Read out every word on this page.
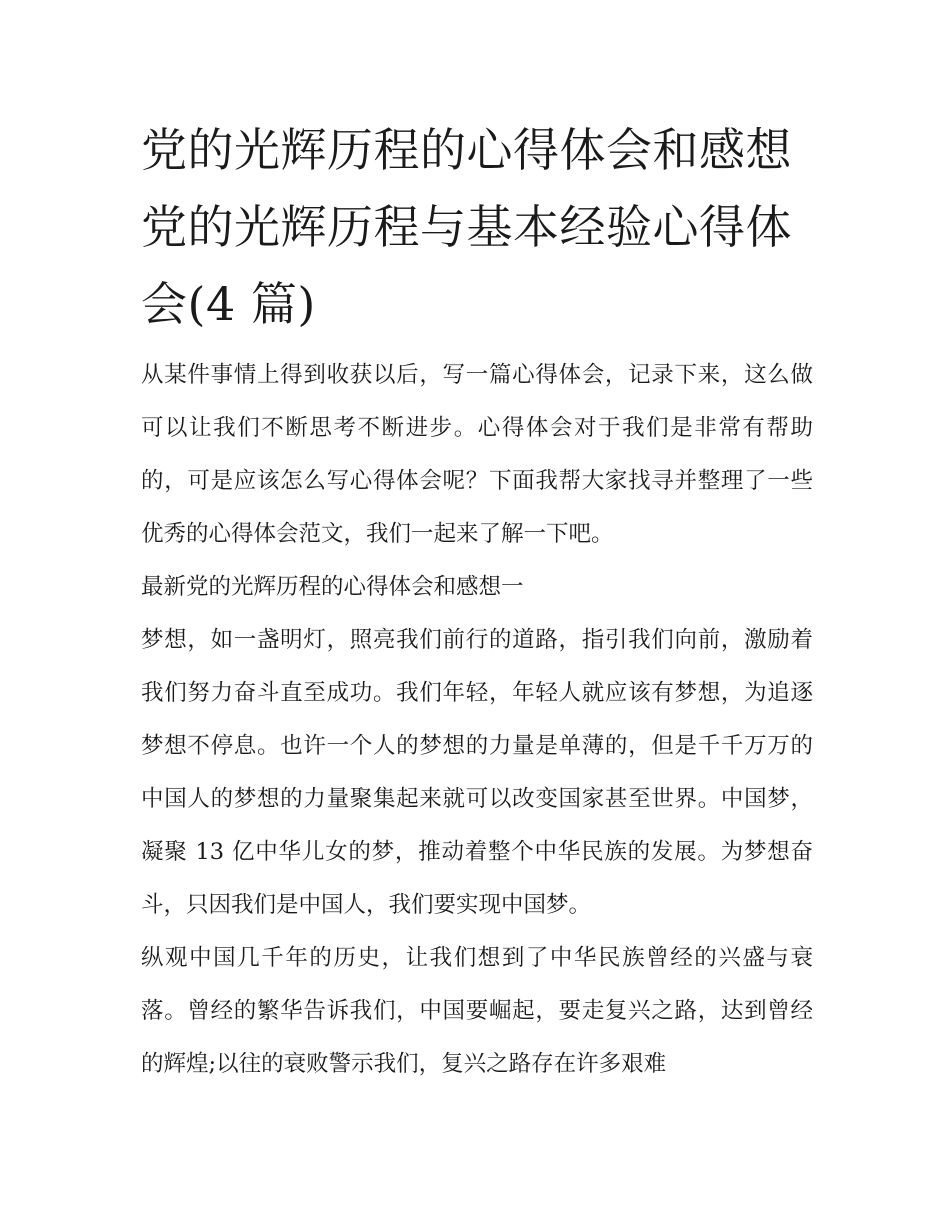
党的光辉历程的心得体会和感想 党的光辉历程与基本经验心得体会(4 篇)

从某件事情上得到收获以后，写一篇心得体会，记录下来，这么做可以让我们不断思考不断进步。心得体会对于我们是非常有帮助的，可是应该怎么写心得体会呢？下面我帮大家找寻并整理了一些优秀的心得体会范文，我们一起来了解一下吧。

最新党的光辉历程的心得体会和感想一

梦想，如一盏明灯，照亮我们前行的道路，指引我们向前，激励着我们努力奋斗直至成功。我们年轻，年轻人就应该有梦想，为追逐梦想不停息。也许一个人的梦想的力量是单薄的，但是千千万万的中国人的梦想的力量聚集起来就可以改变国家甚至世界。中国梦，凝聚 13 亿中华儿女的梦，推动着整个中华民族的发展。为梦想奋斗，只因我们是中国人，我们要实现中国梦。

纵观中国几千年的历史，让我们想到了中华民族曾经的兴盛与衰落。曾经的繁华告诉我们，中国要崛起，要走复兴之路，达到曾经的辉煌;以往的衰败警示我们，复兴之路存在许多艰难
